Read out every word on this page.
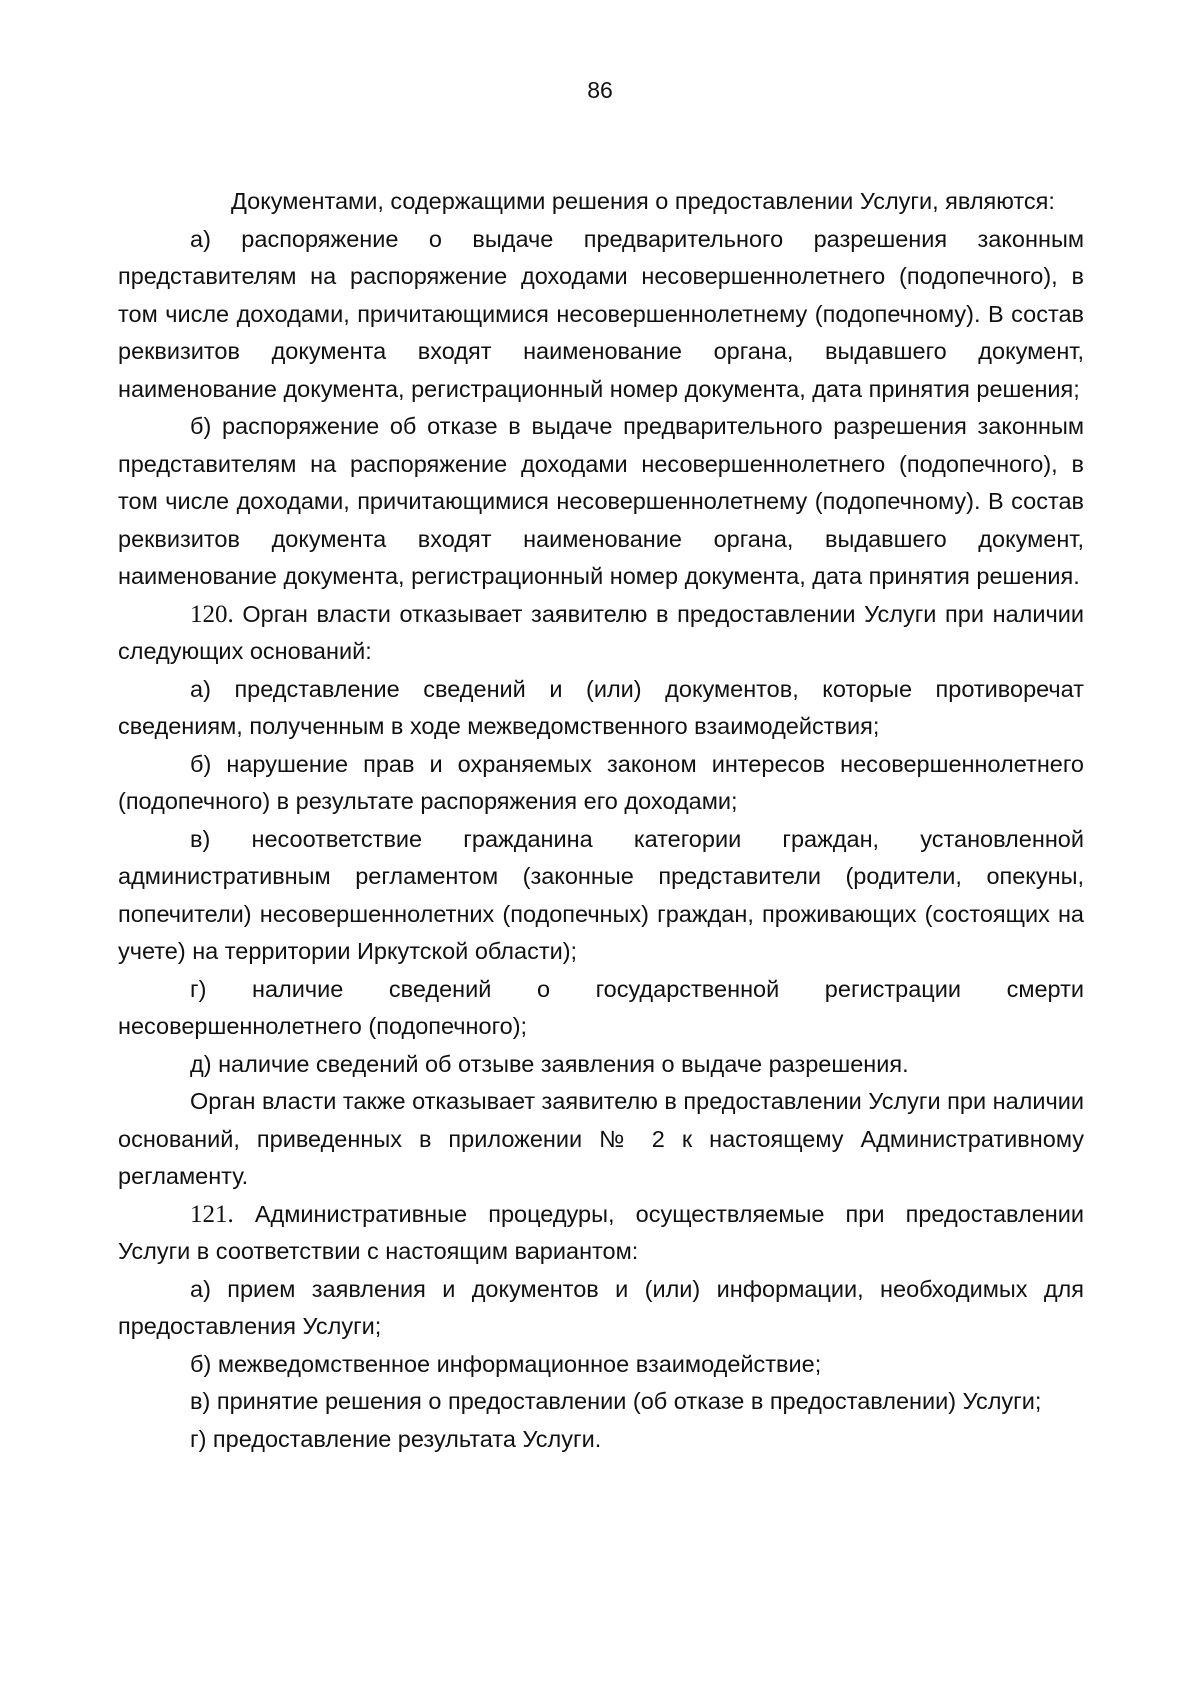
86

Документами, содержащими решения о предоставлении Услуги, являются:

а) распоряжение о выдаче предварительного разрешения законным представителям на распоряжение доходами несовершеннолетнего (подопечного), в том числе доходами, причитающимися несовершеннолетнему (подопечному). В состав реквизитов документа входят наименование органа, выдавшего документ, наименование документа, регистрационный номер документа, дата принятия решения;

б) распоряжение об отказе в выдаче предварительного разрешения законным представителям на распоряжение доходами несовершеннолетнего (подопечного), в том числе доходами, причитающимися несовершеннолетнему (подопечному). В состав реквизитов документа входят наименование органа, выдавшего документ, наименование документа, регистрационный номер документа, дата принятия решения.

120. Орган власти отказывает заявителю в предоставлении Услуги при наличии следующих оснований:

а) представление сведений и (или) документов, которые противоречат сведениям, полученным в ходе межведомственного взаимодействия;

б) нарушение прав и охраняемых законом интересов несовершеннолетнего (подопечного) в результате распоряжения его доходами;

в) несоответствие гражданина категории граждан, установленной административным регламентом (законные представители (родители, опекуны, попечители) несовершеннолетних (подопечных) граждан, проживающих (состоящих на учете) на территории Иркутской области);

г) наличие сведений о государственной регистрации смерти несовершеннолетнего (подопечного);

д) наличие сведений об отзыве заявления о выдаче разрешения.

Орган власти также отказывает заявителю в предоставлении Услуги при наличии оснований, приведенных в приложении № 2 к настоящему Административному регламенту.

121. Административные процедуры, осуществляемые при предоставлении Услуги в соответствии с настоящим вариантом:

а) прием заявления и документов и (или) информации, необходимых для предоставления Услуги;

б) межведомственное информационное взаимодействие;

в) принятие решения о предоставлении (об отказе в предоставлении) Услуги;

г) предоставление результата Услуги.
